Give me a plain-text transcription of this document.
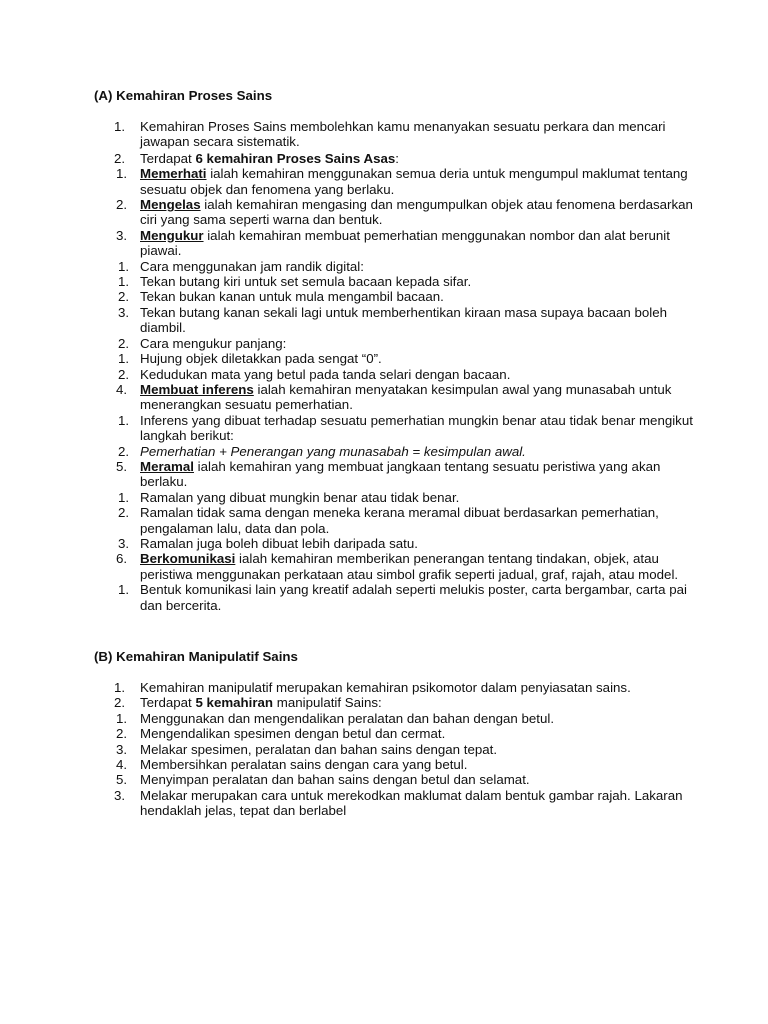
(A) Kemahiran Proses Sains
1. Kemahiran Proses Sains membolehkan kamu menanyakan sesuatu perkara dan mencari jawapan secara sistematik.
2. Terdapat 6 kemahiran Proses Sains Asas:
1. Memerhati ialah kemahiran menggunakan semua deria untuk mengumpul maklumat tentang sesuatu objek dan fenomena yang berlaku.
2. Mengelas ialah kemahiran mengasing dan mengumpulkan objek atau fenomena berdasarkan ciri yang sama seperti warna dan bentuk.
3. Mengukur ialah kemahiran membuat pemerhatian menggunakan nombor dan alat berunit piawai.
1. Cara menggunakan jam randik digital:
1. Tekan butang kiri untuk set semula bacaan kepada sifar.
2. Tekan bukan kanan untuk mula mengambil bacaan.
3. Tekan butang kanan sekali lagi untuk memberhentikan kiraan masa supaya bacaan boleh diambil.
2. Cara mengukur panjang:
1. Hujung objek diletakkan pada sengat “0”.
2. Kedudukan mata yang betul pada tanda selari dengan bacaan.
4. Membuat inferens ialah kemahiran menyatakan kesimpulan awal yang munasabah untuk menerangkan sesuatu pemerhatian.
1. Inferens yang dibuat terhadap sesuatu pemerhatian mungkin benar atau tidak benar mengikut langkah berikut:
2. Pemerhatian + Penerangan yang munasabah = kesimpulan awal.
5. Meramal ialah kemahiran yang membuat jangkaan tentang sesuatu peristiwa yang akan berlaku.
1. Ramalan yang dibuat mungkin benar atau tidak benar.
2. Ramalan tidak sama dengan meneka kerana meramal dibuat berdasarkan pemerhatian, pengalaman lalu, data dan pola.
3. Ramalan juga boleh dibuat lebih daripada satu.
6. Berkomunikasi ialah kemahiran memberikan penerangan tentang tindakan, objek, atau peristiwa menggunakan perkataan atau simbol grafik seperti jadual, graf, rajah, atau model.
1. Bentuk komunikasi lain yang kreatif adalah seperti melukis poster, carta bergambar, carta pai dan bercerita.
(B) Kemahiran Manipulatif Sains
1. Kemahiran manipulatif merupakan kemahiran psikomotor dalam penyiasatan sains.
2. Terdapat 5 kemahiran manipulatif Sains:
1. Menggunakan dan mengendalikan peralatan dan bahan dengan betul.
2. Mengendalikan spesimen dengan betul dan cermat.
3. Melakar spesimen, peralatan dan bahan sains dengan tepat.
4. Membersihkan peralatan sains dengan cara yang betul.
5. Menyimpan peralatan dan bahan sains dengan betul dan selamat.
3. Melakar merupakan cara untuk merekodkan maklumat dalam bentuk gambar rajah. Lakaran hendaklah jelas, tepat dan berlabel
